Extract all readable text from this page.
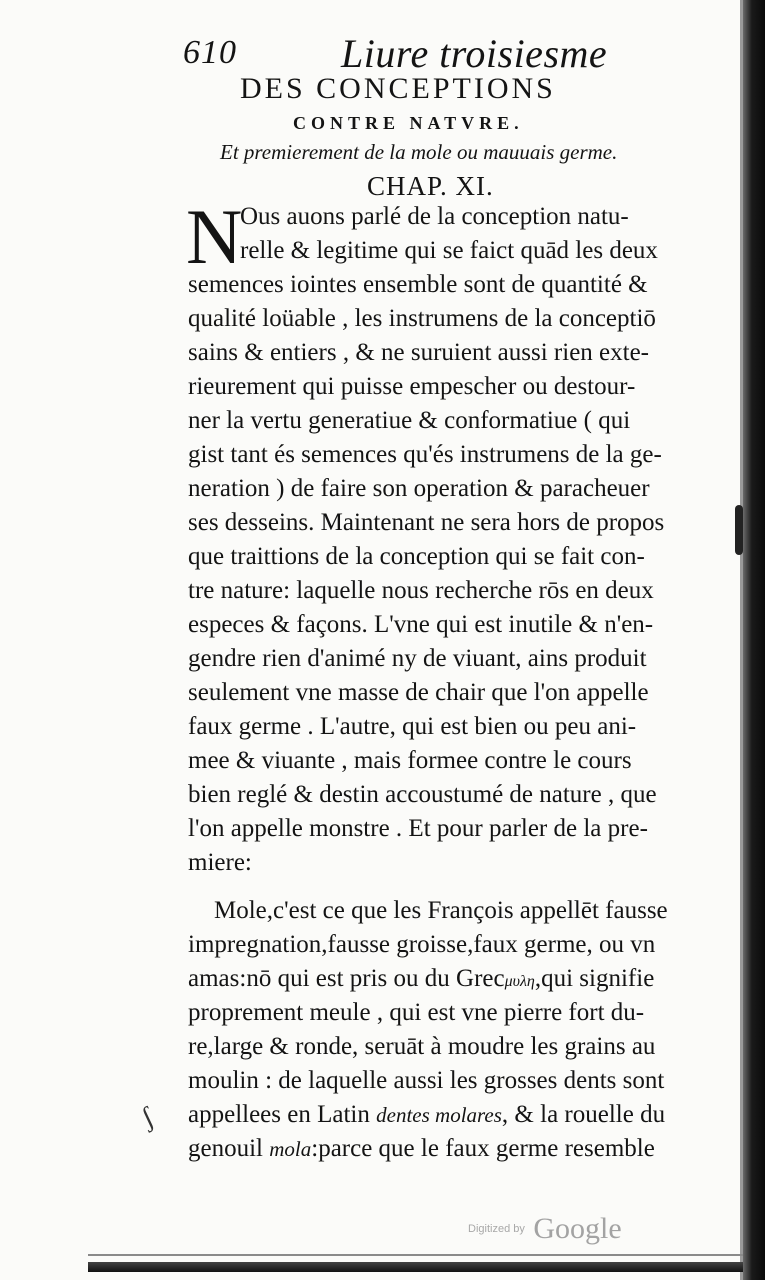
610	Liure troisiesme
DES CONCEPTIONS
CONTRE NATVRE.
Et premierement de la mole ou mauuais germe.
CHAP. XI.
N
Ous auons parlé de la conception natu-
relle & legitime qui se faict quād les deux
semences iointes ensemble sont de quantité &
qualité loüable , les instrumens de la conceptiō
sains & entiers , & ne suruient aussi rien exte-
rieurement qui puisse empescher ou destour-
ner la vertu generatiue & conformatiue ( qui
gist tant és semences qu'és instrumens de la ge-
neration ) de faire son operation & paracheuer
ses desseins. Maintenant ne sera hors de propos
que traittions de la conception qui se fait con-
tre nature: laquelle nous recherche rōs en deux
especes & façons. L'vne qui est inutile & n'en-
gendre rien d'animé ny de viuant, ains produit
seulement vne masse de chair que l'on appelle
faux germe . L'autre, qui est bien ou peu ani-
mee & viuante , mais formee contre le cours
bien reglé & destin accoustumé de nature , que
l'on appelle monstre . Et pour parler de la pre-
miere:
Mole,c'est ce que les François appellēt fausse
impregnation,fausse groisse,faux germe, ou vn
amas:nō qui est pris ou du Grecμυλη,qui signifie
proprement meule , qui est vne pierre fort du-
re,large & ronde, seruāt à moudre les grains au
moulin : de laquelle aussi les grosses dents sont
appellees en Latin dentes molares, & la rouelle du
genouil mola:parce que le faux germe resemble
ʃ
Digitized by Google
